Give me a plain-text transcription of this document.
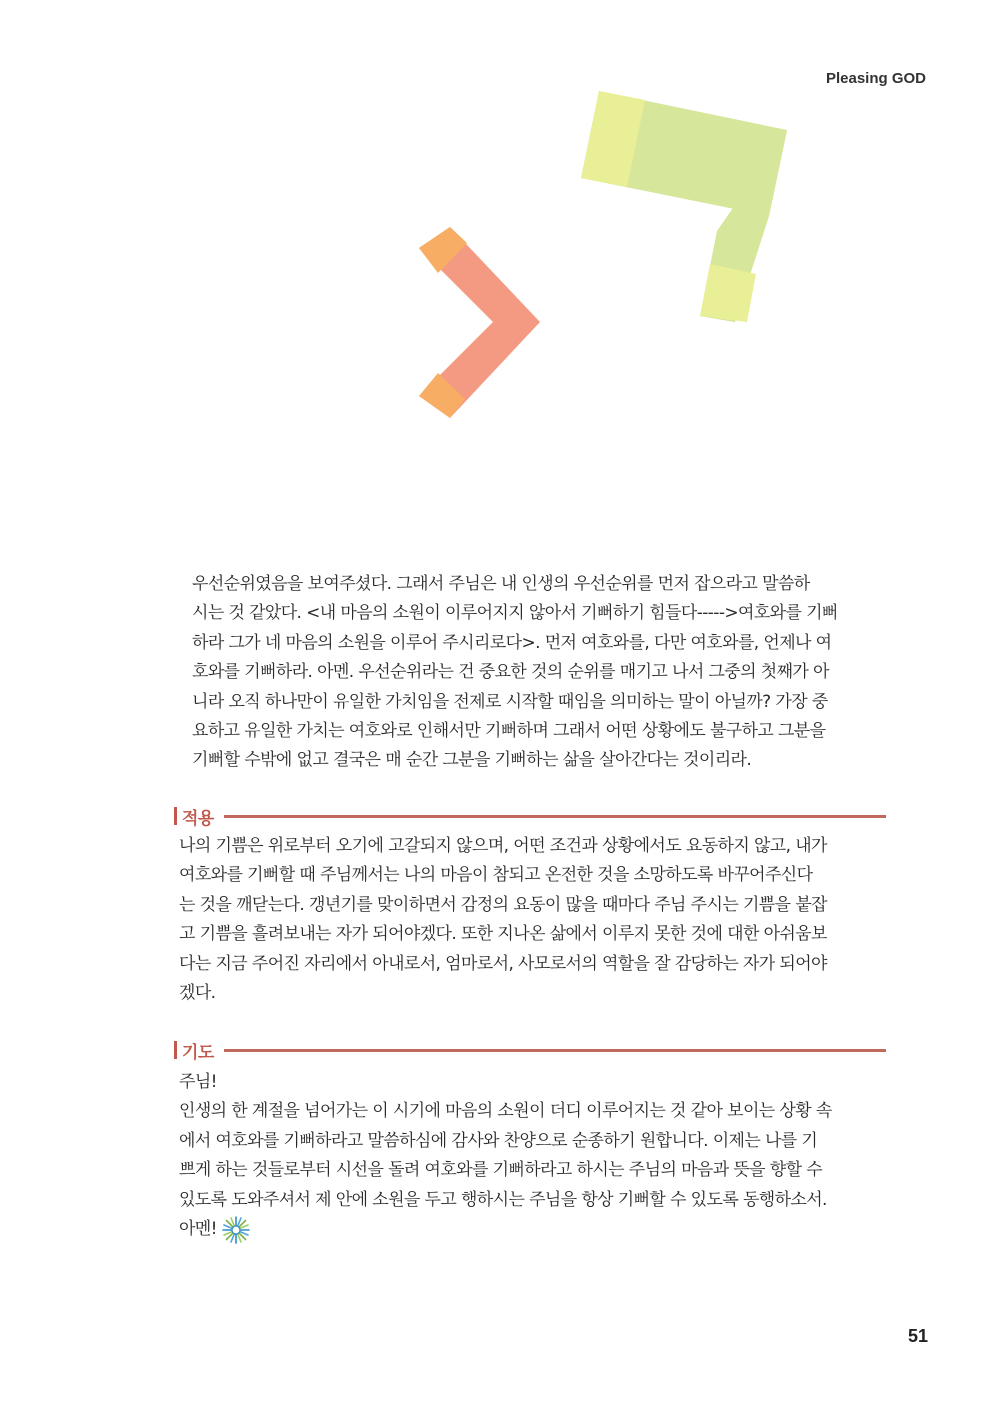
Pleasing GOD

우선순위였음을 보여주셨다. 그래서 주님은 내 인생의 우선순위를 먼저 잡으라고 말씀하

시는 것 같았다. <내 마음의 소원이 이루어지지 않아서 기뻐하기 힘들다----->여호와를 기뻐

하라 그가 네 마음의 소원을 이루어 주시리로다>. 먼저 여호와를, 다만 여호와를, 언제나 여

호와를 기뻐하라. 아멘. 우선순위라는 건 중요한 것의 순위를 매기고 나서 그중의 첫째가 아

니라 오직 하나만이 유일한 가치임을 전제로 시작할 때임을 의미하는 말이 아닐까? 가장 중

요하고 유일한 가치는 여호와로 인해서만 기뻐하며 그래서 어떤 상황에도 불구하고 그분을

기뻐할 수밖에 없고 결국은 매 순간 그분을 기뻐하는 삶을 살아간다는 것이리라.

적용

나의 기쁨은 위로부터 오기에 고갈되지 않으며, 어떤 조건과 상황에서도 요동하지 않고, 내가

여호와를 기뻐할 때 주님께서는 나의 마음이 참되고 온전한 것을 소망하도록 바꾸어주신다

는 것을 깨닫는다. 갱년기를 맞이하면서 감정의 요동이 많을 때마다 주님 주시는 기쁨을 붙잡

고 기쁨을 흘려보내는 자가 되어야겠다. 또한 지나온 삶에서 이루지 못한 것에 대한 아쉬움보

다는 지금 주어진 자리에서 아내로서, 엄마로서, 사모로서의 역할을 잘 감당하는 자가 되어야

겠다.

기도

주님!

인생의 한 계절을 넘어가는 이 시기에 마음의 소원이 더디 이루어지는 것 같아 보이는 상황 속

에서 여호와를 기뻐하라고 말씀하심에 감사와 찬양으로 순종하기 원합니다. 이제는 나를 기

쁘게 하는 것들로부터 시선을 돌려 여호와를 기뻐하라고 하시는 주님의 마음과 뜻을 향할 수

있도록 도와주셔서 제 안에 소원을 두고 행하시는 주님을 항상 기뻐할 수 있도록 동행하소서.

아멘!
51
